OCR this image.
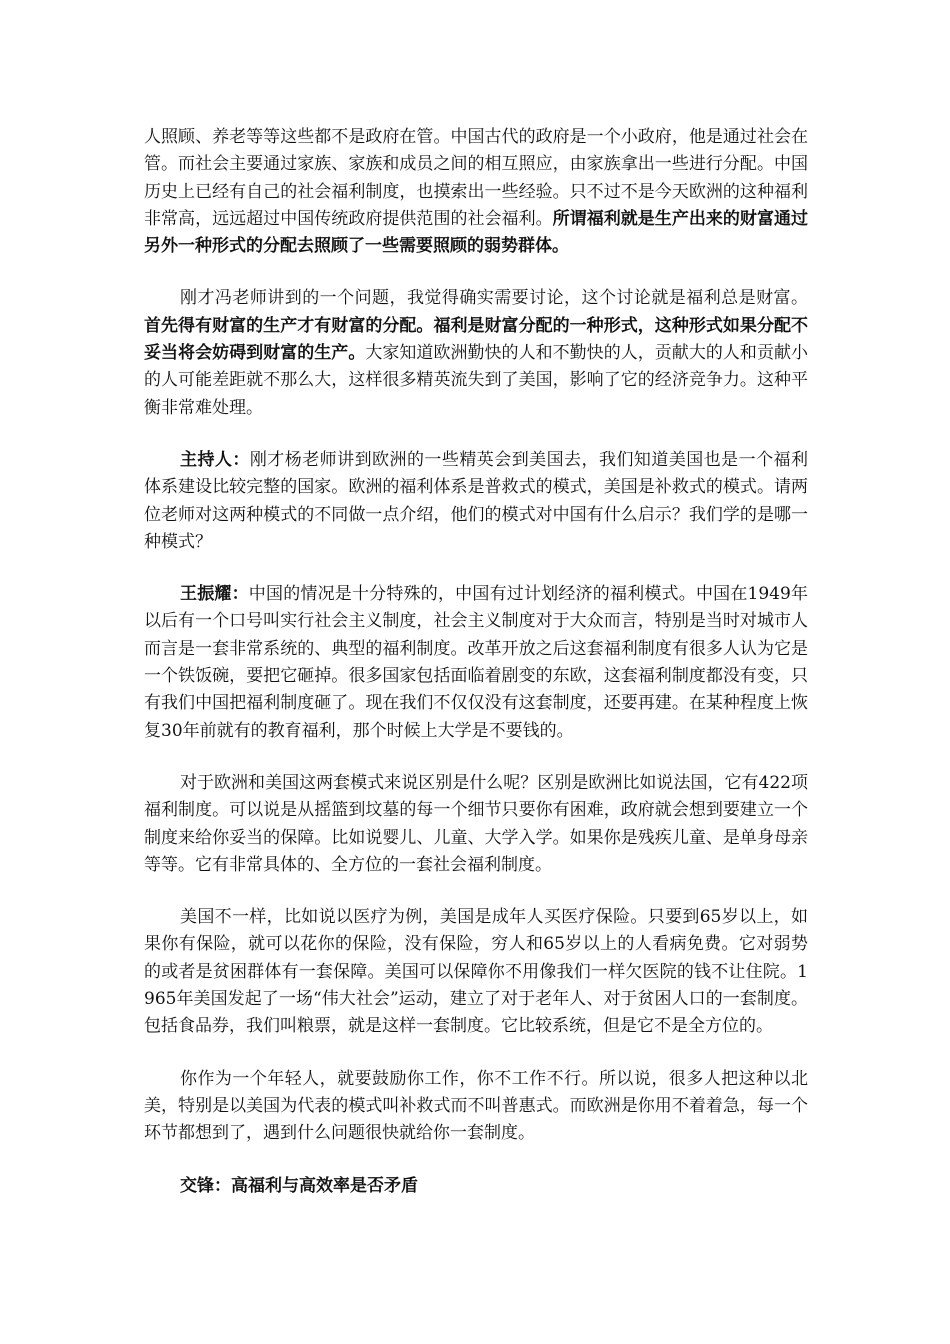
人照顾、养老等等这些都不是政府在管。中国古代的政府是一个小政府，他是通过社会在管。而社会主要通过家族、家族和成员之间的相互照应，由家族拿出一些进行分配。中国历史上已经有自己的社会福利制度，也摸索出一些经验。只不过不是今天欧洲的这种福利非常高，远远超过中国传统政府提供范围的社会福利。所谓福利就是生产出来的财富通过另外一种形式的分配去照顾了一些需要照顾的弱势群体。

刚才冯老师讲到的一个问题，我觉得确实需要讨论，这个讨论就是福利总是财富。首先得有财富的生产才有财富的分配。福利是财富分配的一种形式，这种形式如果分配不妥当将会妨碍到财富的生产。大家知道欧洲勤快的人和不勤快的人，贡献大的人和贡献小的人可能差距就不那么大，这样很多精英流失到了美国，影响了它的经济竞争力。这种平衡非常难处理。

主持人：刚才杨老师讲到欧洲的一些精英会到美国去，我们知道美国也是一个福利体系建设比较完整的国家。欧洲的福利体系是普救式的模式，美国是补救式的模式。请两位老师对这两种模式的不同做一点介绍，他们的模式对中国有什么启示？我们学的是哪一种模式？

王振耀：中国的情况是十分特殊的，中国有过计划经济的福利模式。中国在1949年以后有一个口号叫实行社会主义制度，社会主义制度对于大众而言，特别是当时对城市人而言是一套非常系统的、典型的福利制度。改革开放之后这套福利制度有很多人认为它是一个铁饭碗，要把它砸掉。很多国家包括面临着剧变的东欧，这套福利制度都没有变，只有我们中国把福利制度砸了。现在我们不仅仅没有这套制度，还要再建。在某种程度上恢复30年前就有的教育福利，那个时候上大学是不要钱的。

对于欧洲和美国这两套模式来说区别是什么呢？区别是欧洲比如说法国，它有422项福利制度。可以说是从摇篮到坟墓的每一个细节只要你有困难，政府就会想到要建立一个制度来给你妥当的保障。比如说婴儿、儿童、大学入学。如果你是残疾儿童、是单身母亲等等。它有非常具体的、全方位的一套社会福利制度。

美国不一样，比如说以医疗为例，美国是成年人买医疗保险。只要到65岁以上，如果你有保险，就可以花你的保险，没有保险，穷人和65岁以上的人看病免费。它对弱势的或者是贫困群体有一套保障。美国可以保障你不用像我们一样欠医院的钱不让住院。1965年美国发起了一场“伟大社会”运动，建立了对于老年人、对于贫困人口的一套制度。包括食品券，我们叫粮票，就是这样一套制度。它比较系统，但是它不是全方位的。

你作为一个年轻人，就要鼓励你工作，你不工作不行。所以说，很多人把这种以北美，特别是以美国为代表的模式叫补救式而不叫普惠式。而欧洲是你用不着着急，每一个环节都想到了，遇到什么问题很快就给你一套制度。

交锋：高福利与高效率是否矛盾
